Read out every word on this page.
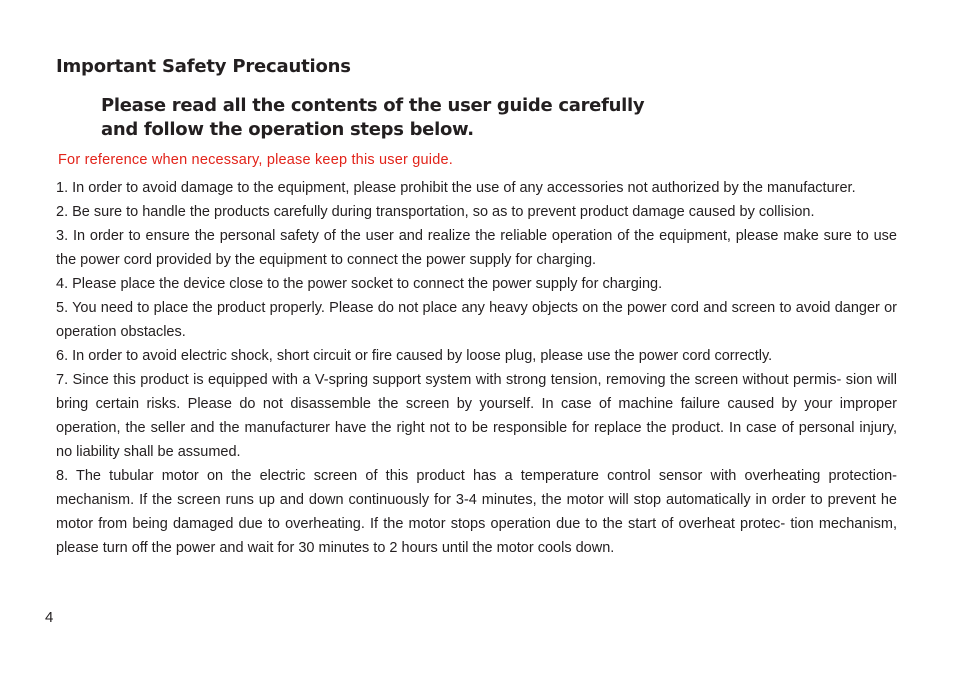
Important Safety Precautions
Please read all the contents of the user guide carefully
and follow the operation steps below.
For reference when necessary, please keep this user guide.
1. In order to avoid damage to the equipment, please prohibit the use of any accessories not authorized by the manufacturer.
2. Be sure to handle the products carefully during transportation, so as to prevent product damage caused by collision.
3. In order to ensure the personal safety of the user and realize the reliable operation of the equipment, please make sure to use the power cord provided by the equipment to connect the power supply for charging.
4. Please place the device close to the power socket to connect the power supply for charging.
5. You need to place the product properly. Please do not place any heavy objects on the power cord and screen to avoid danger or operation obstacles.
6. In order to avoid electric shock, short circuit or fire caused by loose plug, please use the power cord correctly.
7. Since this product is equipped with a V-spring support system with strong tension, removing the screen without permis- sion will bring certain risks. Please do not disassemble the screen by yourself. In case of machine failure caused by your improper operation, the seller and the manufacturer have the right not to be responsible for replace the product. In case of personal injury, no liability shall be assumed.
8. The tubular motor on the electric screen of this product has a temperature control sensor with overheating protection- mechanism. If the screen runs up and down continuously for 3-4 minutes, the motor will stop automatically in order to prevent he motor from being damaged due to overheating. If the motor stops operation due to the start of overheat protec- tion mechanism, please turn off the power and wait for 30 minutes to 2 hours until the motor cools down.
4
